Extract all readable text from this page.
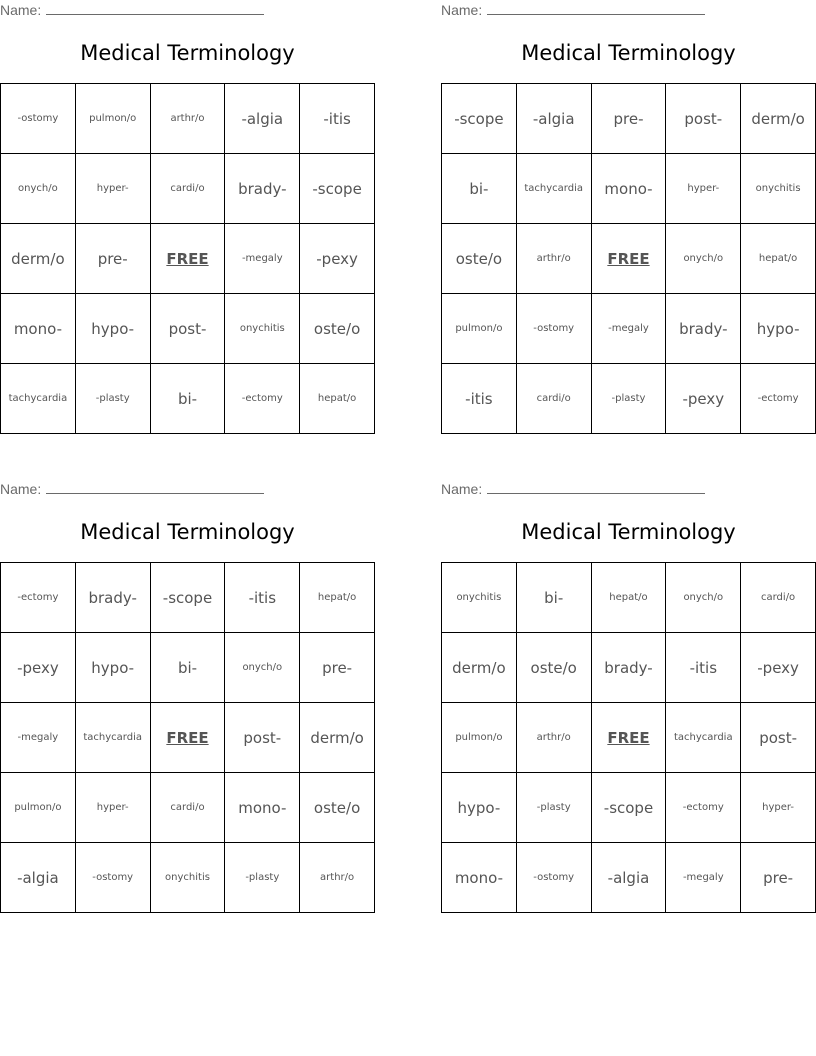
Name:
Medical Terminology
-ostomy	pulmon/o	arthr/o	-algia	-itis
onych/o	hyper-	cardi/o	brady-	-scope
derm/o	pre-	FREE	-megaly	-pexy
mono-	hypo-	post-	onychitis	oste/o
tachycardia	-plasty	bi-	-ectomy	hepat/o
Name:
Medical Terminology
-scope	-algia	pre-	post-	derm/o
bi-	tachycardia	mono-	hyper-	onychitis
oste/o	arthr/o	FREE	onych/o	hepat/o
pulmon/o	-ostomy	-megaly	brady-	hypo-
-itis	cardi/o	-plasty	-pexy	-ectomy
Name:
Medical Terminology
-ectomy	brady-	-scope	-itis	hepat/o
-pexy	hypo-	bi-	onych/o	pre-
-megaly	tachycardia	FREE	post-	derm/o
pulmon/o	hyper-	cardi/o	mono-	oste/o
-algia	-ostomy	onychitis	-plasty	arthr/o
Name:
Medical Terminology
onychitis	bi-	hepat/o	onych/o	cardi/o
derm/o	oste/o	brady-	-itis	-pexy
pulmon/o	arthr/o	FREE	tachycardia	post-
hypo-	-plasty	-scope	-ectomy	hyper-
mono-	-ostomy	-algia	-megaly	pre-
